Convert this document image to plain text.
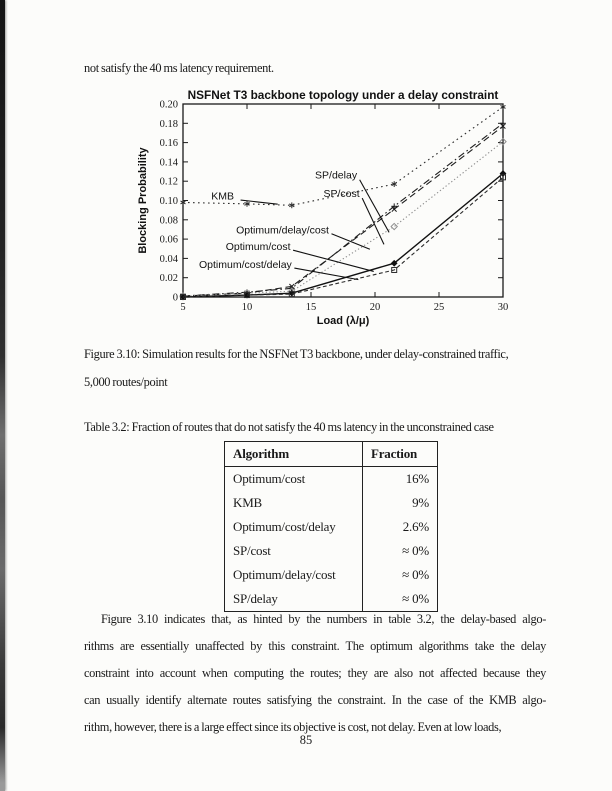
not satisfy the 40 ms latency requirement.
5	10	15	20	25	30
0
0.02
0.04
0.06
0.08
0.10
0.12
0.14
0.16
0.18
0.20
NSFNet T3 backbone topology under a delay constraint
Load (λ/μ)
Blocking Probability	KMB
SP/delay
SP/cost
Optimum/delay/cost
Optimum/cost
Optimum/cost/delay
Figure 3.10: Simulation results for the NSFNet T3 backbone, under delay-constrained traffic,
5,000 routes/point
Table 3.2: Fraction of routes that do not satisfy the 40 ms latency in the unconstrained case
Algorithm	Fraction
Optimum/cost	16%
KMB	9%
Optimum/cost/delay	2.6%
SP/cost	≈ 0%
Optimum/delay/cost	≈ 0%
SP/delay	≈ 0%
Figure 3.10 indicates that, as hinted by the numbers in table 3.2, the delay-based algo-
rithms are essentially unaffected by this constraint. The optimum algorithms take the delay
constraint into account when computing the routes; they are also not affected because they
can usually identify alternate routes satisfying the constraint. In the case of the KMB algo-
rithm, however, there is a large effect since its objective is cost, not delay. Even at low loads,
85
